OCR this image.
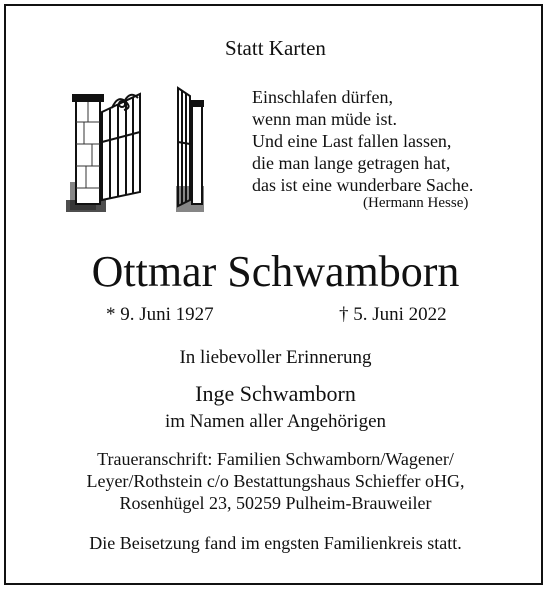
Statt Karten
Einschlafen dürfen,
wenn man müde ist.
Und eine Last fallen lassen,
die man lange getragen hat,
das ist eine wunderbare Sache.
(Hermann Hesse)
Ottmar Schwamborn
* 9. Juni 1927	† 5. Juni 2022
In liebevoller Erinnerung
Inge Schwamborn
im Namen aller Angehörigen
Traueranschrift: Familien Schwamborn/Wagener/
Leyer/Rothstein c/o Bestattungshaus Schieffer oHG,
Rosenhügel 23, 50259 Pulheim-Brauweiler
Die Beisetzung fand im engsten Familienkreis statt.
